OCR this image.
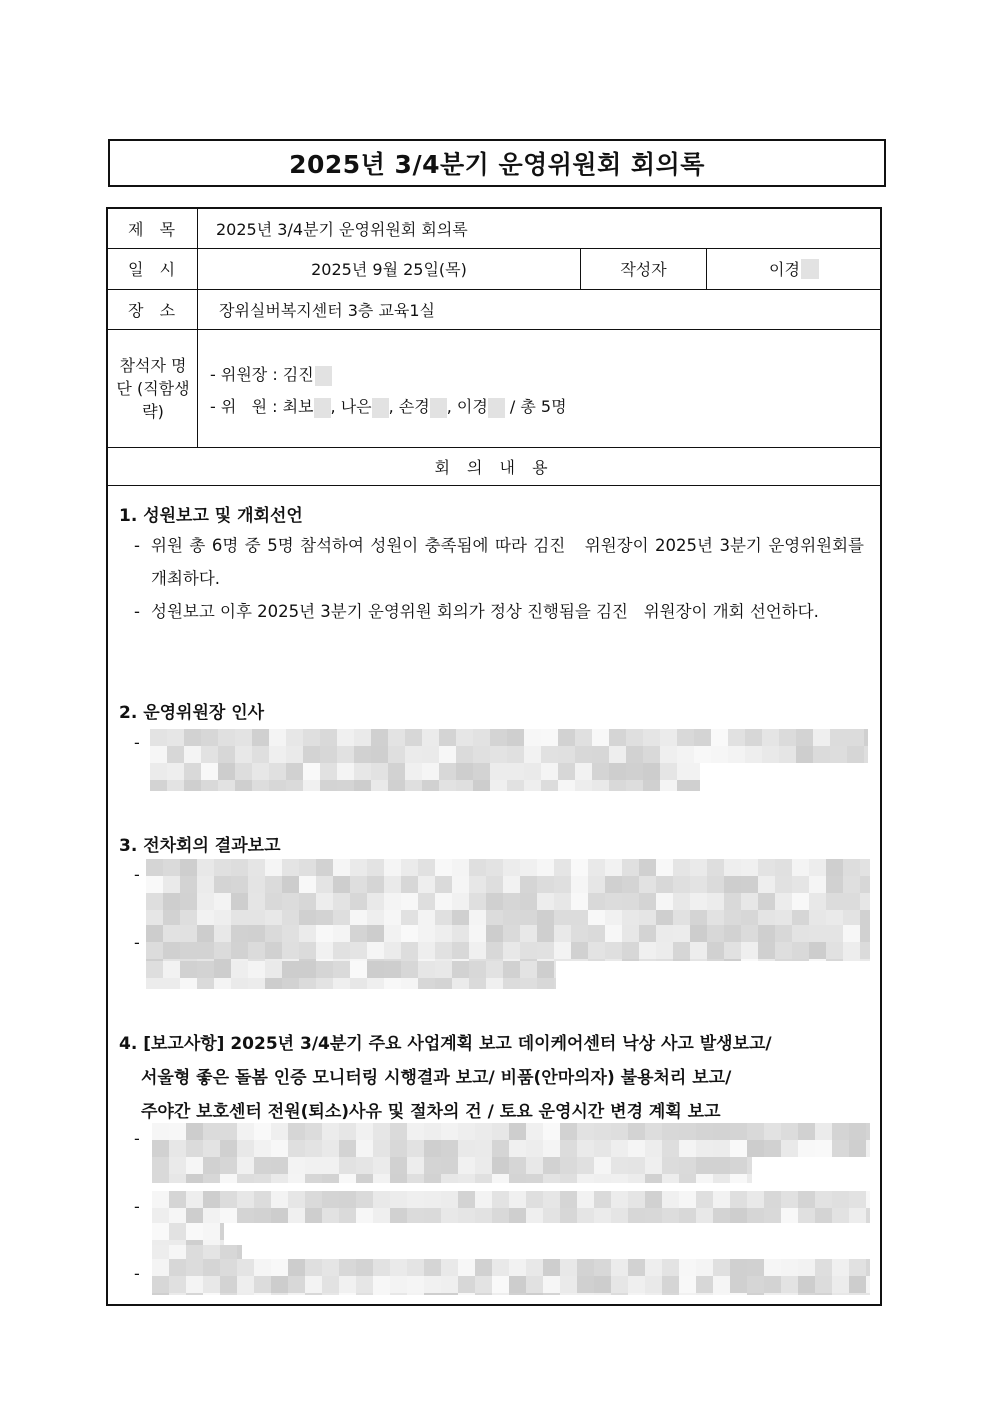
2025년 3/4분기 운영위원회 회의록
제  목 2025년 3/4분기 운영위원회 회의록
일  시	2025년 9월 25일(목)	작성자	이경
장  소	장위실버복지센터 3층 교육1실
참석자 명 단 (직함생략)
- 위원장 : 김진
- 위   원 : 최보 , 나은 , 손경 , 이경 / 총 5명
회 의 내 용
1. 성원보고 및 개회선언
- 위원 총 6명 중 5명 참석하여 성원이 충족됨에 따라 김진   위원장이 2025년 3분기 운영위원회를 개최하다.
- 성원보고 이후 2025년 3분기 운영위원 회의가 정상 진행됨을 김진   위원장이 개회 선언하다.
2. 운영위원장 인사
-
3. 전차회의 결과보고
-
-
4. [보고사항] 2025년 3/4분기 주요 사업계획 보고 데이케어센터 낙상 사고 발생보고/
서울형 좋은 돌봄 인증 모니터링 시행결과 보고/ 비품(안마의자) 불용처리 보고/
주야간 보호센터 전원(퇴소)사유 및 절차의 건 / 토요 운영시간 변경 계획 보고
-
-
-
